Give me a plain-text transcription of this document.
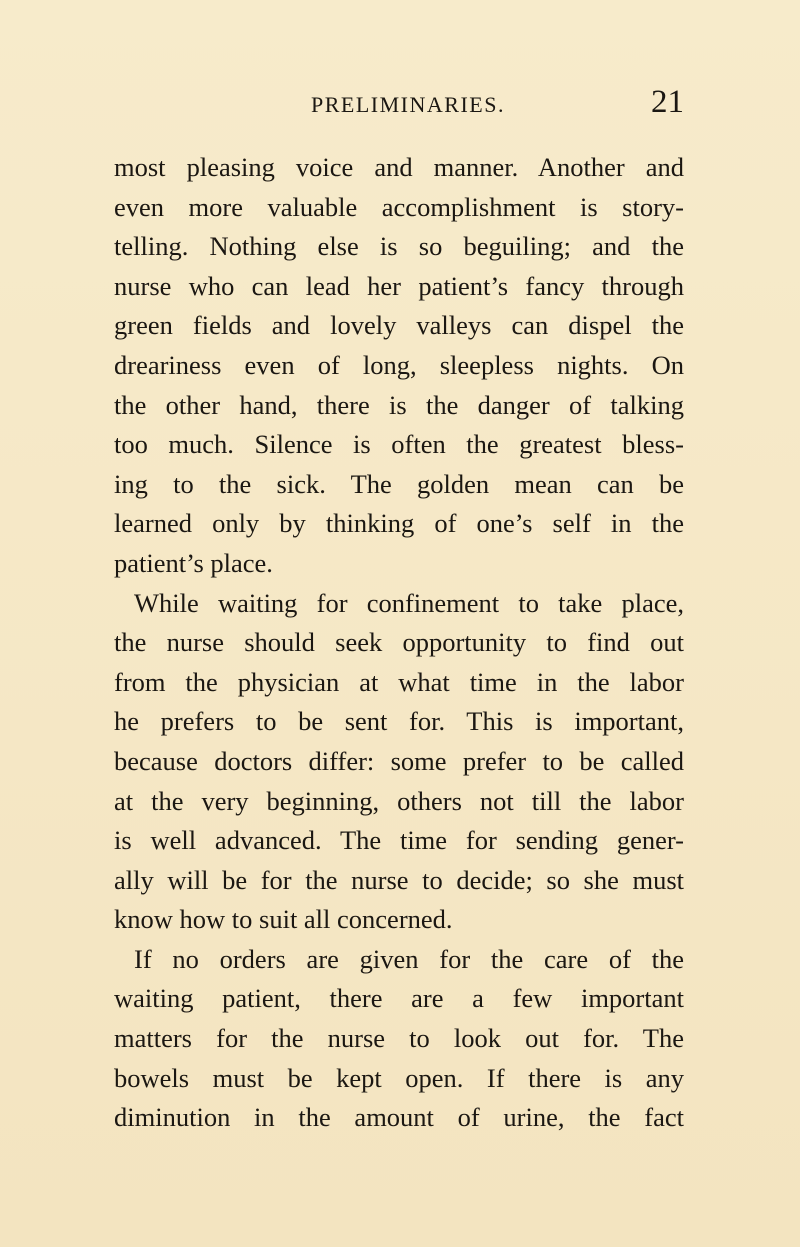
PRELIMINARIES.	21
most pleasing voice and manner. Another and
even more valuable accomplishment is story-
telling. Nothing else is so beguiling; and the
nurse who can lead her patient’s fancy through
green fields and lovely valleys can dispel the
dreariness even of long, sleepless nights. On
the other hand, there is the danger of talking
too much. Silence is often the greatest bless-
ing to the sick. The golden mean can be
learned only by thinking of one’s self in the
patient’s place.
While waiting for confinement to take place,
the nurse should seek opportunity to find out
from the physician at what time in the labor
he prefers to be sent for. This is important,
because doctors differ: some prefer to be called
at the very beginning, others not till the labor
is well advanced. The time for sending gener-
ally will be for the nurse to decide; so she must
know how to suit all concerned.
If no orders are given for the care of the
waiting patient, there are a few important
matters for the nurse to look out for. The
bowels must be kept open. If there is any
diminution in the amount of urine, the fact
